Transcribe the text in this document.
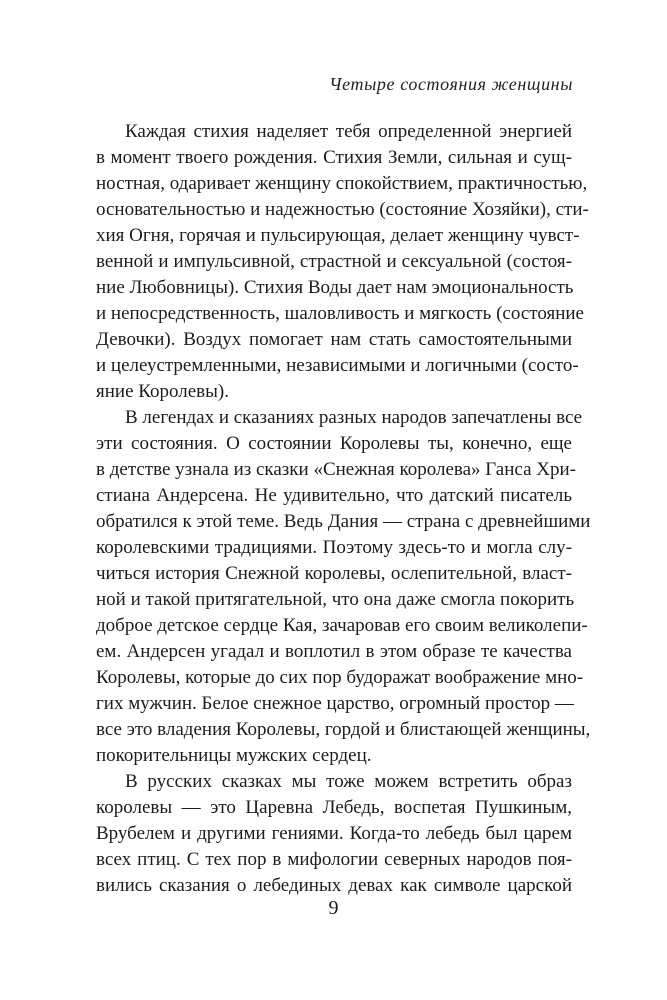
Четыре состояния женщины
Каждая стихия наделяет тебя определенной энергией
в момент твоего рождения. Стихия Земли, сильная и сущ-
ностная, одаривает женщину спокойствием, практичностью,
основательностью и надежностью (состояние Хозяйки), сти-
хия Огня, горячая и пульсирующая, делает женщину чувст-
венной и импульсивной, страстной и сексуальной (состоя-
ние Любовницы). Стихия Воды дает нам эмоциональность
и непосредственность, шаловливость и мягкость (состояние
Девочки). Воздух помогает нам стать самостоятельными
и целеустремленными, независимыми и логичными (состо-
яние Королевы).
В легендах и сказаниях разных народов запечатлены все
эти состояния. О состоянии Королевы ты, конечно, еще
в детстве узнала из сказки «Снежная королева» Ганса Хри-
стиана Андерсена. Не удивительно, что датский писатель
обратился к этой теме. Ведь Дания — страна с древнейшими
королевскими традициями. Поэтому здесь-то и могла слу-
читься история Снежной королевы, ослепительной, власт-
ной и такой притягательной, что она даже смогла покорить
доброе детское сердце Кая, зачаровав его своим великолепи-
ем. Андерсен угадал и воплотил в этом образе те качества
Королевы, которые до сих пор будоражат воображение мно-
гих мужчин. Белое снежное царство, огромный простор —
все это владения Королевы, гордой и блистающей женщины,
покорительницы мужских сердец.
В русских сказках мы тоже можем встретить образ
королевы — это Царевна Лебедь, воспетая Пушкиным,
Врубелем и другими гениями. Когда-то лебедь был царем
всех птиц. С тех пор в мифологии северных народов поя-
вились сказания о лебединых девах как символе царской
9
